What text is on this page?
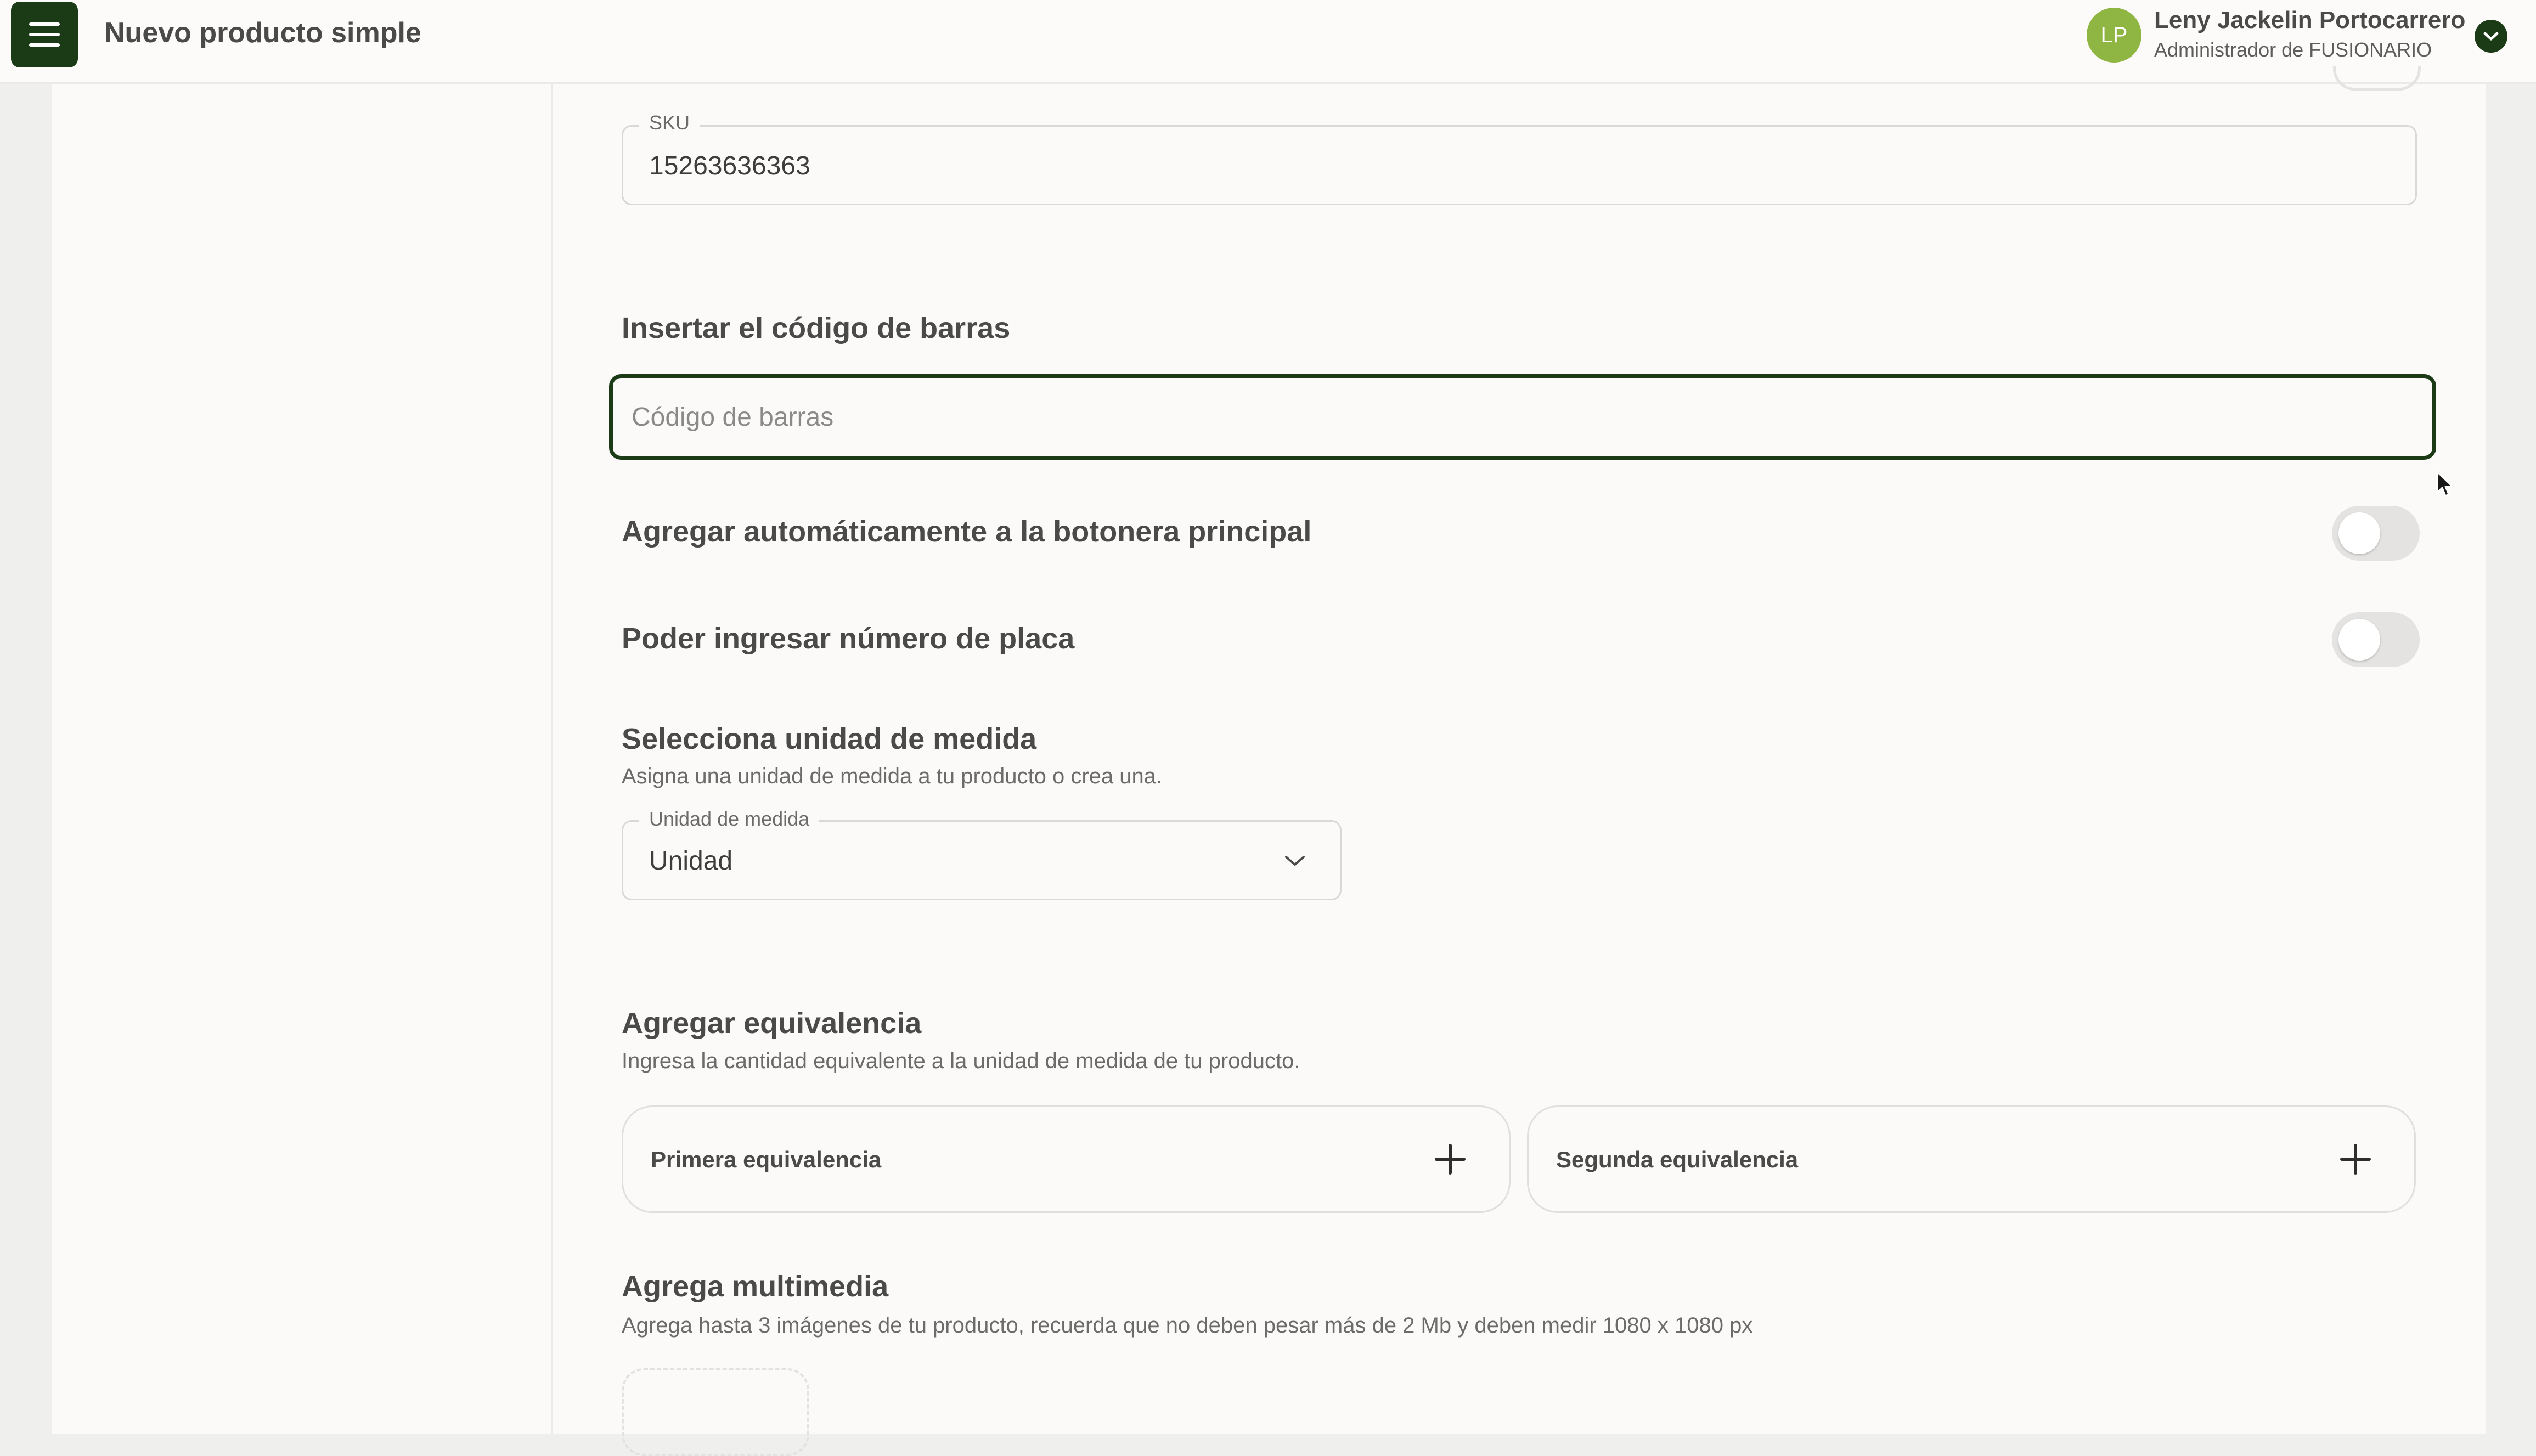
Nuevo producto simple	LP
Leny Jackelin Portocarrero
Administrador de FUSIONARIO
SKU
15263636363
Insertar el código de barras
Código de barras
Agregar automáticamente a la botonera principal
Poder ingresar número de placa
Selecciona unidad de medida
Asigna una unidad de medida a tu producto o crea una.
Unidad de medida
Unidad
Agregar equivalencia
Ingresa la cantidad equivalente a la unidad de medida de tu producto.
Primera equivalencia	Segunda equivalencia
Agrega multimedia
Agrega hasta 3 imágenes de tu producto, recuerda que no deben pesar más de 2 Mb y deben medir 1080 x 1080 px
